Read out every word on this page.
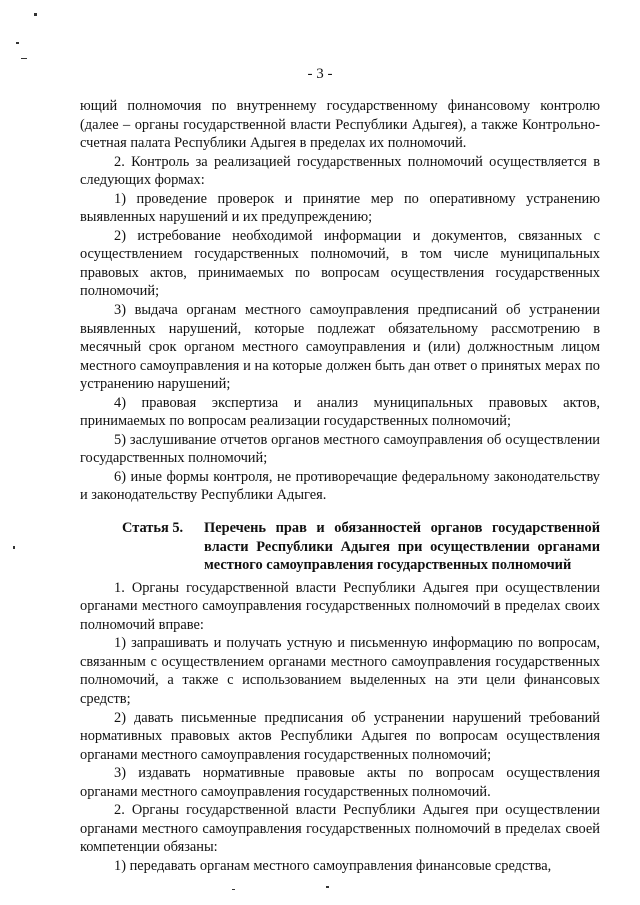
- 3 -

ющий полномочия по внутреннему государственному финансовому контролю (далее – органы государственной власти Республики Адыгея), а также Контрольно-счетная палата Республики Адыгея в пределах их полномочий.

2. Контроль за реализацией государственных полномочий осуществляется в следующих формах:

1) проведение проверок и принятие мер по оперативному устранению выявленных нарушений и их предупреждению;

2) истребование необходимой информации и документов, связанных с осуществлением государственных полномочий, в том числе муниципальных правовых актов, принимаемых по вопросам осуществления государственных полномочий;

3) выдача органам местного самоуправления предписаний об устранении выявленных нарушений, которые подлежат обязательному рассмотрению в месячный срок органом местного самоуправления и (или) должностным лицом местного самоуправления и на которые должен быть дан ответ о принятых мерах по устранению нарушений;

4) правовая экспертиза и анализ муниципальных правовых актов, принимаемых по вопросам реализации государственных полномочий;

5) заслушивание отчетов органов местного самоуправления об осуществлении государственных полномочий;

6) иные формы контроля, не противоречащие федеральному законодательству и законодательству Республики Адыгея.

Статья 5.	Перечень прав и обязанностей органов государственной власти Республики Адыгея при осуществлении органами местного самоуправления государственных полномочий

1. Органы государственной власти Республики Адыгея при осуществлении органами местного самоуправления государственных полномочий в пределах своих полномочий вправе:

1) запрашивать и получать устную и письменную информацию по вопросам, связанным с осуществлением органами местного самоуправления государственных полномочий, а также с использованием выделенных на эти цели финансовых средств;

2) давать письменные предписания об устранении нарушений требований нормативных правовых актов Республики Адыгея по вопросам осуществления органами местного самоуправления государственных полномочий;

3) издавать нормативные правовые акты по вопросам осуществления органами местного самоуправления государственных полномочий.

2. Органы государственной власти Республики Адыгея при осуществлении органами местного самоуправления государственных полномочий в пределах своей компетенции обязаны:

1) передавать органам местного самоуправления финансовые средства,
